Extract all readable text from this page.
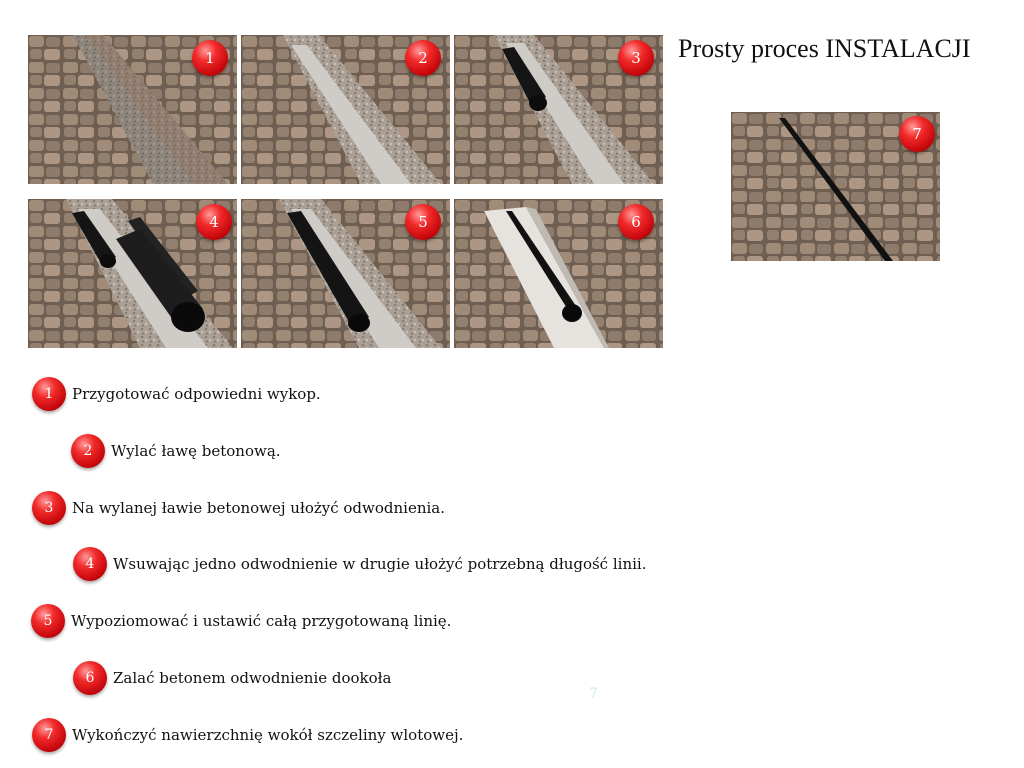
Prosty proces INSTALACJI
1	2	3
4	5	6
7
1 Przygotować odpowiedni wykop.
2 Wylać ławę betonową.
3 Na wylanej ławie betonowej ułożyć odwodnienia.
4 Wsuwając jedno odwodnienie w drugie ułożyć potrzebną długość linii.
5 Wypoziomować i ustawić całą przygotowaną linię.
6 Zalać betonem odwodnienie dookoła
7 Wykończyć nawierzchnię wokół szczeliny wlotowej.
7
